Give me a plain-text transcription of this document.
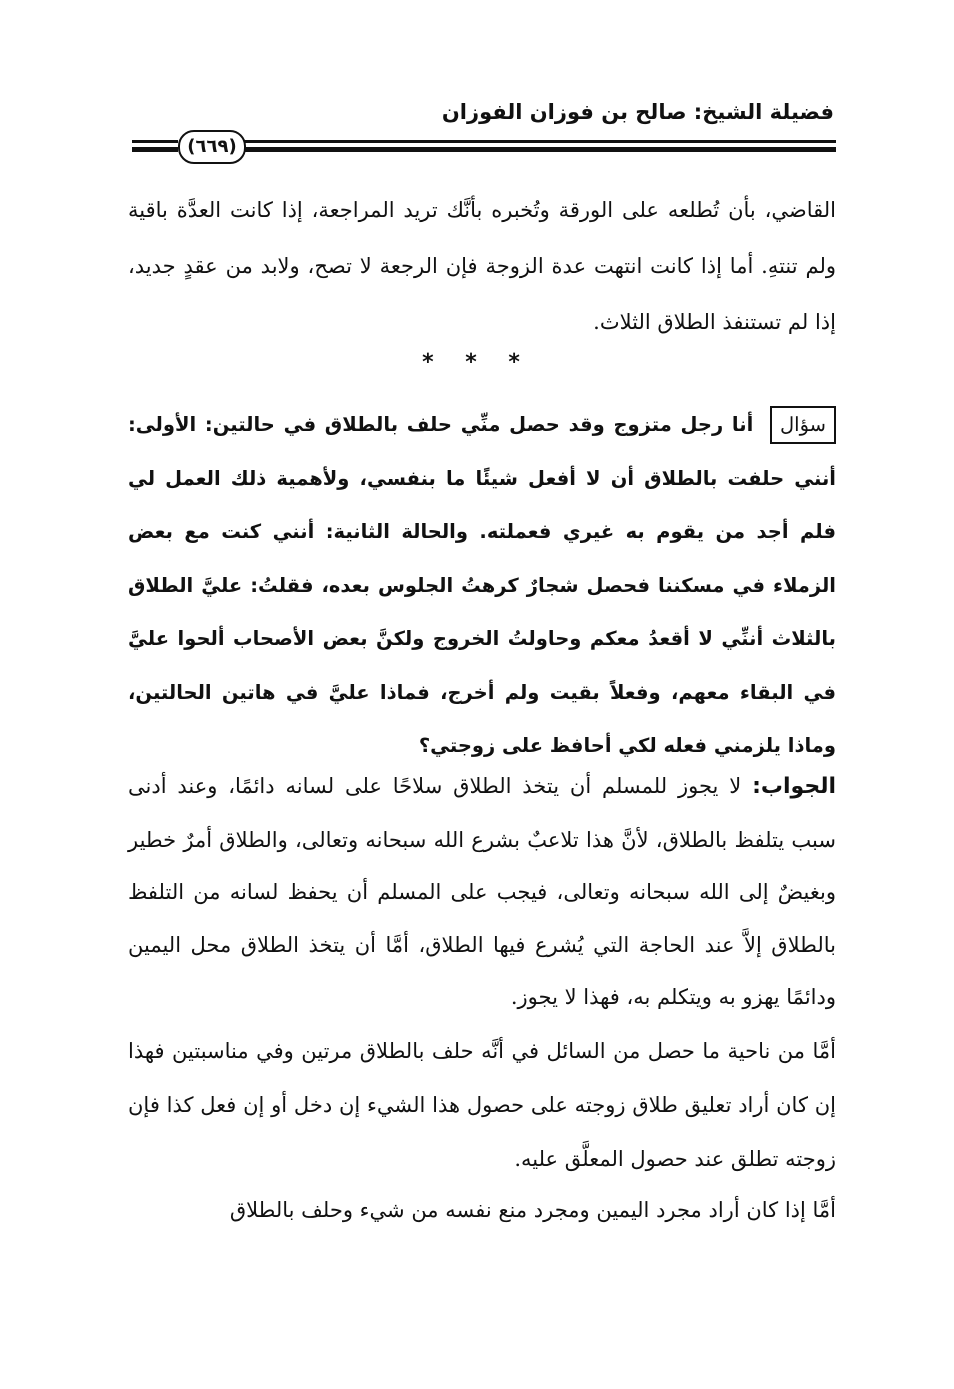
فضيلة الشيخ: صالح بن فوزان الفوزان
(٦٦٩)

القاضي، بأن تُطلعه على الورقة وتُخبره بأنَّك تريد المراجعة، إذا كانت العدَّة باقية ولم تنتهِ. أما إذا كانت انتهت عدة الزوجة فإن الرجعة لا تصح، ولابد من عقدٍ جديد، إذا لم تستنفذ الطلاق الثلاث.

* * *

سؤال أنا رجل متزوج وقد حصل منِّي حلف بالطلاق في حالتين: الأولى: أنني حلفت بالطلاق أن لا أفعل شيئًا ما بنفسي، ولأهمية ذلك العمل لي فلم أجد من يقوم به غيري فعملته. والحالة الثانية: أنني كنت مع بعض الزملاء في مسكننا فحصل شجارٌ كرهتُ الجلوس بعده، فقلتُ: عليَّ الطلاق بالثلاث أننِّي لا أقعدُ معكم وحاولتُ الخروج ولكنَّ بعض الأصحاب ألحوا عليَّ في البقاء معهم، وفعلاً بقيت ولم أخرج، فماذا عليَّ في هاتين الحالتين، وماذا يلزمني فعله لكي أحافظ على زوجتي؟

الجواب: لا يجوز للمسلم أن يتخذ الطلاق سلاحًا على لسانه دائمًا، وعند أدنى سبب يتلفظ بالطلاق، لأنَّ هذا تلاعبٌ بشرع الله سبحانه وتعالى، والطلاق أمرٌ خطير وبغيضٌ إلى الله سبحانه وتعالى، فيجب على المسلم أن يحفظ لسانه من التلفظ بالطلاق إلاَّ عند الحاجة التي يُشرع فيها الطلاق، أمَّا أن يتخذ الطلاق محل اليمين ودائمًا يهزو به ويتكلم به، فهذا لا يجوز.

أمَّا من ناحية ما حصل من السائل في أنَّه حلف بالطلاق مرتين وفي مناسبتين فهذا إن كان أراد تعليق طلاق زوجته على حصول هذا الشيء إن دخل أو إن فعل كذا فإن زوجته تطلق عند حصول المعلَّق عليه.

أمَّا إذا كان أراد مجرد اليمين ومجرد منع نفسه من شيء وحلف بالطلاق
